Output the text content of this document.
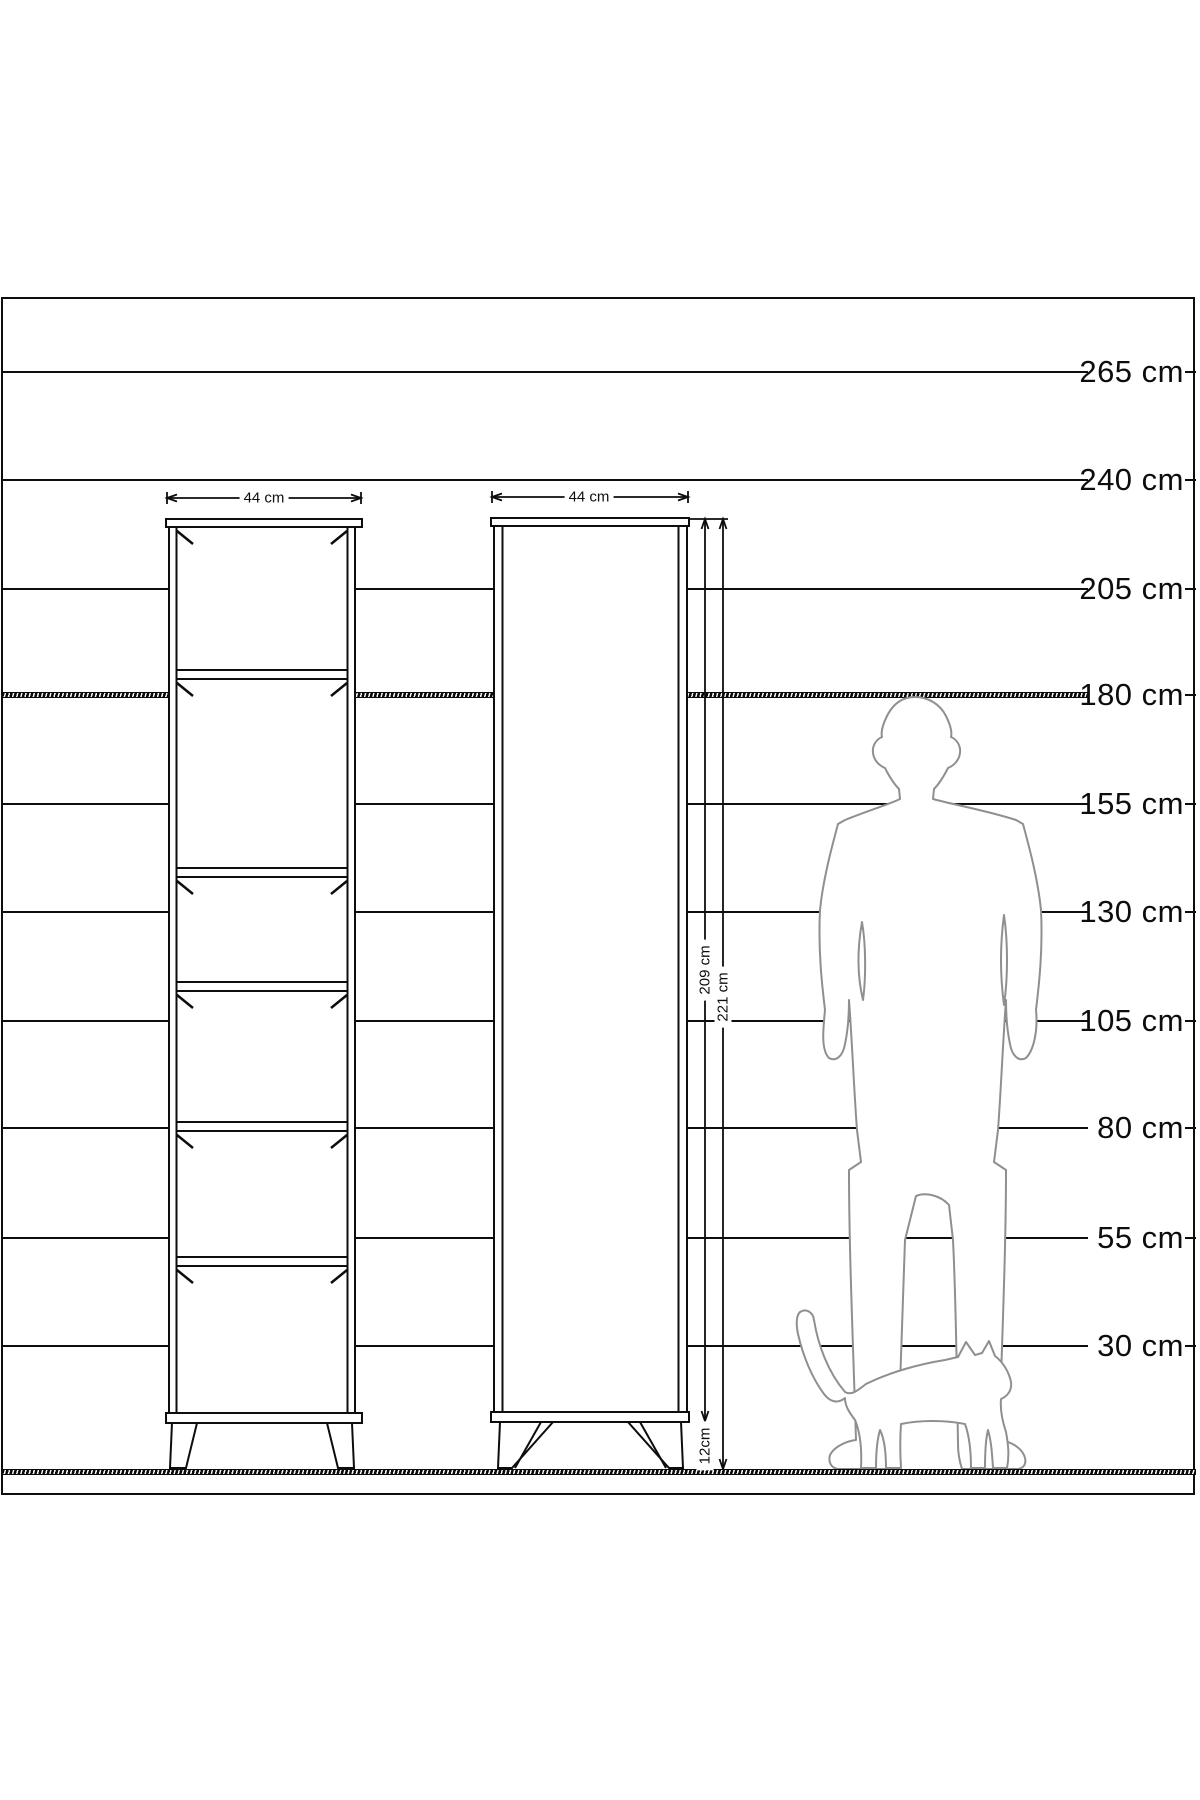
44 cm	44 cm
209 cm
221 cm
12cm
265 cm
240 cm
205 cm
180 cm
155 cm
130 cm
105 cm
80 cm
55 cm
30 cm
